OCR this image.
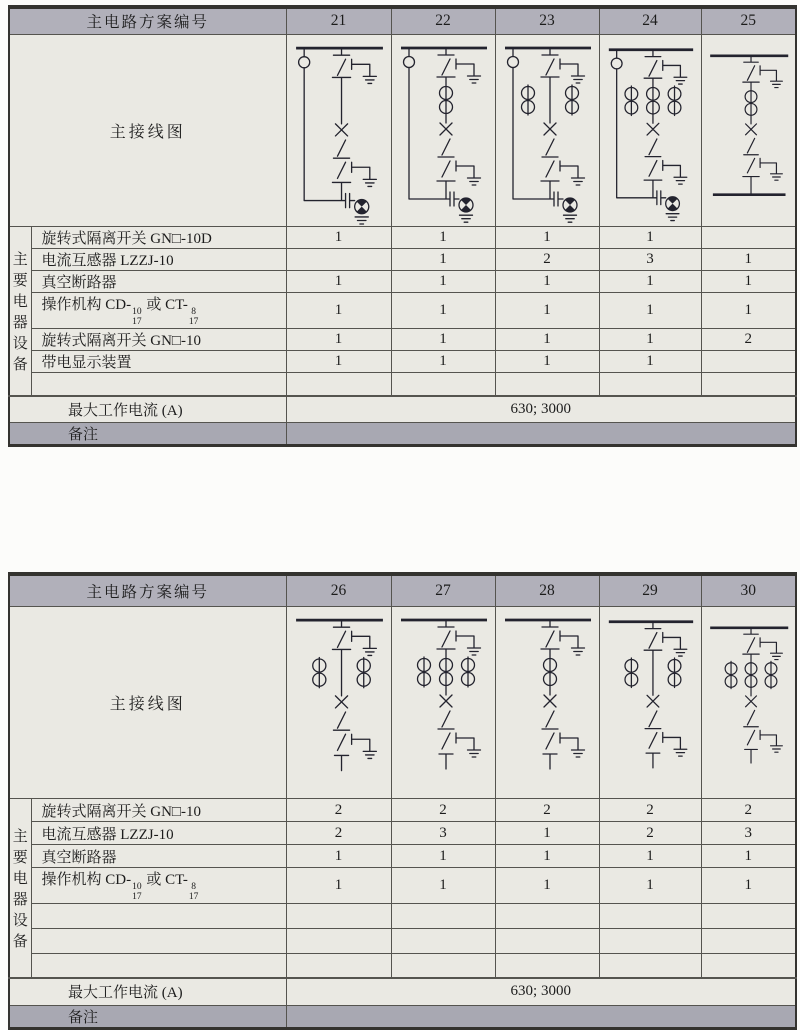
主电路方案编号		21	22	23	24	25
主接线图	

主
要
电
器
设
备
	旋转式隔离开关 GN□-10D	1	1	1	1	
	电流互感器 LZZJ-10		1	2	3	1
	真空断路器	1	1	1	1	1
操作机构 CD- 10
17
或 CT- 8
17
	1	1	1	1	1
	旋转式隔离开关 GN□-10	1	1	1	1	2
	带电显示装置	1	1	1	1	

最大工作电流 (A)		630; 3000				
备注						
主电路方案编号		26	27	28	29	30
主接线图	

主
要
电
器
设
备
	旋转式隔离开关 GN□-10	2	2	2	2	2
	电流互感器 LZZJ-10	2	3	1	2	3
	真空断路器	1	1	1	1	1
操作机构 CD- 10
17
或 CT- 8
17
	1	1	1	1	1

最大工作电流 (A)		630; 3000				
备注						
